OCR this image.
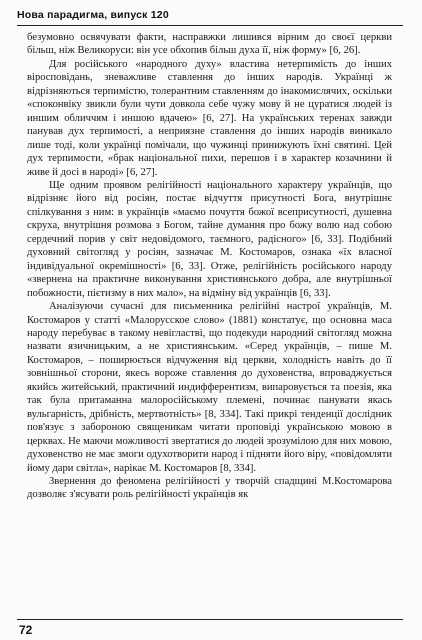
Нова парадигма, випуск 120

безумовно освячувати факти, насправжки лишився вірним до своєї церкви більш, ніж Великоруси: він усе обхопив більш духа її, ніж форму» [6, 26].

Для російського «народного духу» властива нетерпимість до інших віросповідань, зневажливе ставлення до інших народів. Українці ж відрізняються терпимістю, толерантним ставленням до інакомислячих, оскільки «споконвіку звикли були чути довкола себе чужу мову й не цуратися людей із иншим обличчям і иншою вдачею» [6, 27]. На українських теренах завжди панував дух терпимості, а неприязне ставлення до інших народів виникало лише тоді, коли українці помічали, що чужинці принижують їхні святині. Цей дух терпимости, «брак національної пихи, перешов і в характер козачнини й живе й досі в народі» [6, 27].

Ще одним проявом релігійності національного характеру українців, що відрізняє його від росіян, постає відчуття присутності Бога, внутрішнє спілкування з ним: в українців «маємо почуття божої всеприсутності, душевна скруха, внутрішня розмова з Богом, тайне думання про божу волю над собою сердечний порив у світ недовідомого, таємного, радісного» [6, 33]. Подібний духовний світогляд у росіян, зазначає М. Костомаров, ознака «їх власної індивідуальної окремішності» [6, 33]. Отже, релігійність російського народу «звернена на практичне виконування християнського добра, але внутрішньої побожности, пієтизму в них мало», на відміну від українців [6, 33].

Аналізуючи сучасні для письменника релігійні настрої українців, М. Костомаров у статті «Малорусское слово» (1881) констатує, що основна маса народу перебуває в такому невігластві, що подекуди народний світогляд можна назвати язичницьким, а не християнським. «Серед українців, – пише М. Костомаров, – поширюється відчуження від церкви, холодність навіть до її зовнішньої сторони, якесь вороже ставлення до духовенства, впроваджується якийсь житейський, практичний индифферентизм, випаровується та поезія, яка так була притаманна малоросійському племені, починає панувати якась вульгарність, дрібність, мертвотність» [8, 334]. Такі прикрі тенденції дослідник пов'язує з забороною священикам читати проповіді українською мовою в церквах. Не маючи можливості звертатися до людей зрозумілою для них мовою, духовенство не має змоги одухотворити народ і підняти його віру, «повідомляти йому дари світла», нарікає М. Костомаров [8, 334].

Звернення до феномена релігійності у творчій спадщині М.Костомарова дозволяє з'ясувати роль релігійності українців як

72
